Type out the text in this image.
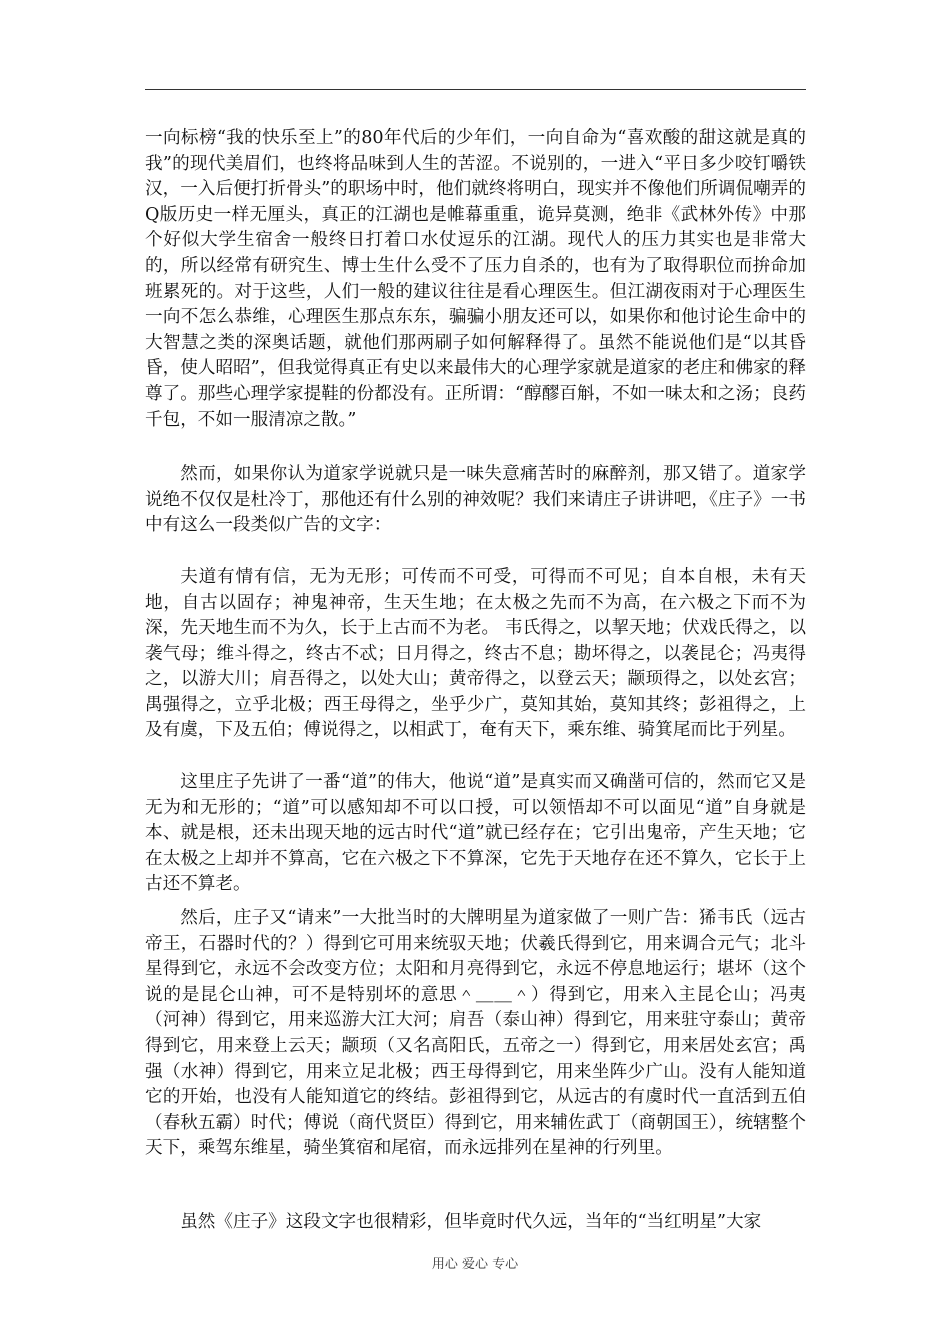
一向标榜“我的快乐至上”的80年代后的少年们，一向自命为“喜欢酸的甜这就是真的我”的现代美眉们，也终将品味到人生的苦涩。不说别的，一进入“平日多少咬钉嚼铁汉，一入后便打折骨头”的职场中时，他们就终将明白，现实并不像他们所调侃嘲弄的Q版历史一样无厘头，真正的江湖也是帷幕重重，诡异莫测，绝非《武林外传》中那个好似大学生宿舍一般终日打着口水仗逗乐的江湖。现代人的压力其实也是非常大的，所以经常有研究生、博士生什么受不了压力自杀的，也有为了取得职位而拚命加班累死的。对于这些，人们一般的建议往往是看心理医生。但江湖夜雨对于心理医生一向不怎么恭维，心理医生那点东东，骗骗小朋友还可以，如果你和他讨论生命中的大智慧之类的深奥话题，就他们那两刷子如何解释得了。虽然不能说他们是“以其昏昏，使人昭昭”，但我觉得真正有史以来最伟大的心理学家就是道家的老庄和佛家的释尊了。那些心理学家提鞋的份都没有。正所谓：“醇醪百斛，不如一味太和之汤；良药千包，不如一服清凉之散。”

然而，如果你认为道家学说就只是一味失意痛苦时的麻醉剂，那又错了。道家学说绝不仅仅是杜冷丁，那他还有什么别的神效呢？我们来请庄子讲讲吧，《庄子》一书中有这么一段类似广告的文字：

夫道有情有信，无为无形；可传而不可受，可得而不可见；自本自根，未有天地，自古以固存；神鬼神帝，生天生地；在太极之先而不为高，在六极之下而不为深，先天地生而不为久，长于上古而不为老。 韦氏得之，以挈天地；伏戏氏得之，以袭气母；维斗得之，终古不忒；日月得之，终古不息；勘坏得之，以袭昆仑；冯夷得之，以游大川；肩吾得之，以处大山；黄帝得之，以登云天；颛顼得之，以处玄宫；禺强得之，立乎北极；西王母得之，坐乎少广，莫知其始，莫知其终；彭祖得之，上及有虞，下及五伯；傅说得之，以相武丁，奄有天下，乘东维、骑箕尾而比于列星。

这里庄子先讲了一番“道”的伟大，他说“道”是真实而又确凿可信的，然而它又是无为和无形的；“道”可以感知却不可以口授，可以领悟却不可以面见“道”自身就是本、就是根，还未出现天地的远古时代“道”就已经存在；它引出鬼帝，产生天地；它在太极之上却并不算高，它在六极之下不算深，它先于天地存在还不算久，它长于上古还不算老。

然后，庄子又“请来”一大批当时的大牌明星为道家做了一则广告：狶韦氏（远古帝王，石器时代的？）得到它可用来统驭天地；伏羲氏得到它，用来调合元气；北斗星得到它，永远不会改变方位；太阳和月亮得到它，永远不停息地运行；堪坏（这个说的是昆仑山神，可不是特别坏的意思＾＿＿＾）得到它，用来入主昆仑山；冯夷（河神）得到它，用来巡游大江大河；肩吾（泰山神）得到它，用来驻守泰山；黄帝得到它，用来登上云天；颛顼（又名高阳氏，五帝之一）得到它，用来居处玄宫；禹强（水神）得到它，用来立足北极；西王母得到它，用来坐阵少广山。没有人能知道它的开始，也没有人能知道它的终结。彭祖得到它，从远古的有虞时代一直活到五伯（春秋五霸）时代；傅说（商代贤臣）得到它，用来辅佐武丁（商朝国王），统辖整个天下，乘驾东维星，骑坐箕宿和尾宿，而永远排列在星神的行列里。

虽然《庄子》这段文字也很精彩，但毕竟时代久远，当年的“当红明星”大家

用心 爱心 专心
